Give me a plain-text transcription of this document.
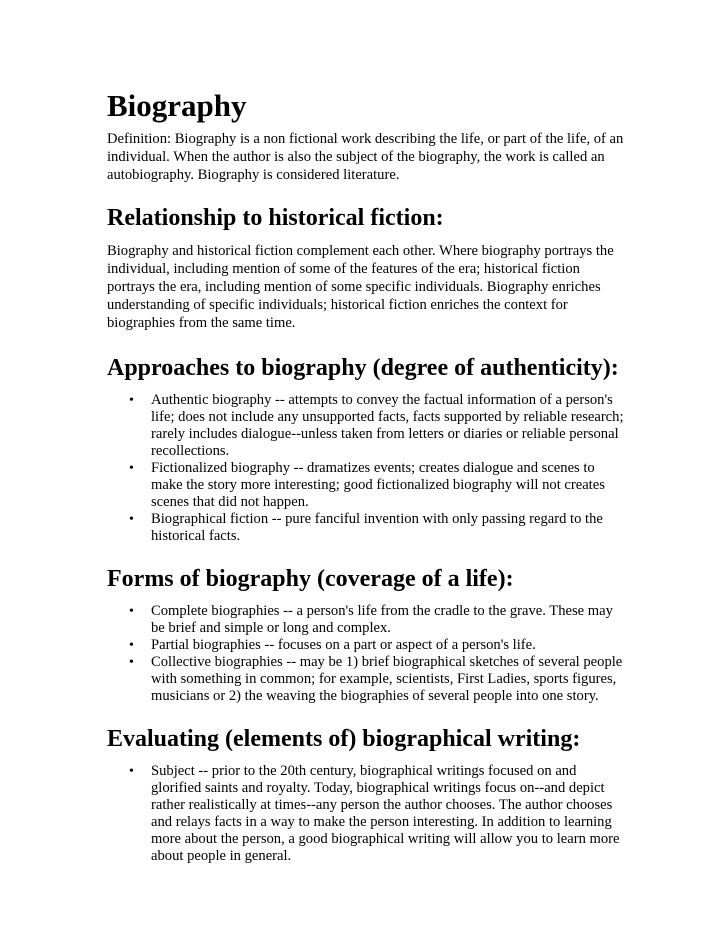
Biography

Definition: Biography is a non fictional work describing the life, or part of the life, of an individual. When the author is also the subject of the biography, the work is called an autobiography. Biography is considered literature.

Relationship to historical fiction:

Biography and historical fiction complement each other. Where biography portrays the individual, including mention of some of the features of the era; historical fiction portrays the era, including mention of some specific individuals. Biography enriches understanding of specific individuals; historical fiction enriches the context for biographies from the same time.

Approaches to biography (degree of authenticity):
• Authentic biography -- attempts to convey the factual information of a person's life; does not include any unsupported facts, facts supported by reliable research; rarely includes dialogue--unless taken from letters or diaries or reliable personal recollections.
• Fictionalized biography -- dramatizes events; creates dialogue and scenes to make the story more interesting; good fictionalized biography will not creates scenes that did not happen.
• Biographical fiction -- pure fanciful invention with only passing regard to the historical facts.
Forms of biography (coverage of a life):
• Complete biographies -- a person's life from the cradle to the grave. These may be brief and simple or long and complex.
• Partial biographies -- focuses on a part or aspect of a person's life.
• Collective biographies -- may be 1) brief biographical sketches of several people with something in common; for example, scientists, First Ladies, sports figures, musicians or 2) the weaving the biographies of several people into one story.
Evaluating (elements of) biographical writing:
• Subject -- prior to the 20th century, biographical writings focused on and glorified saints and royalty. Today, biographical writings focus on--and depict rather realistically at times--any person the author chooses. The author chooses and relays facts in a way to make the person interesting. In addition to learning more about the person, a good biographical writing will allow you to learn more about people in general.
